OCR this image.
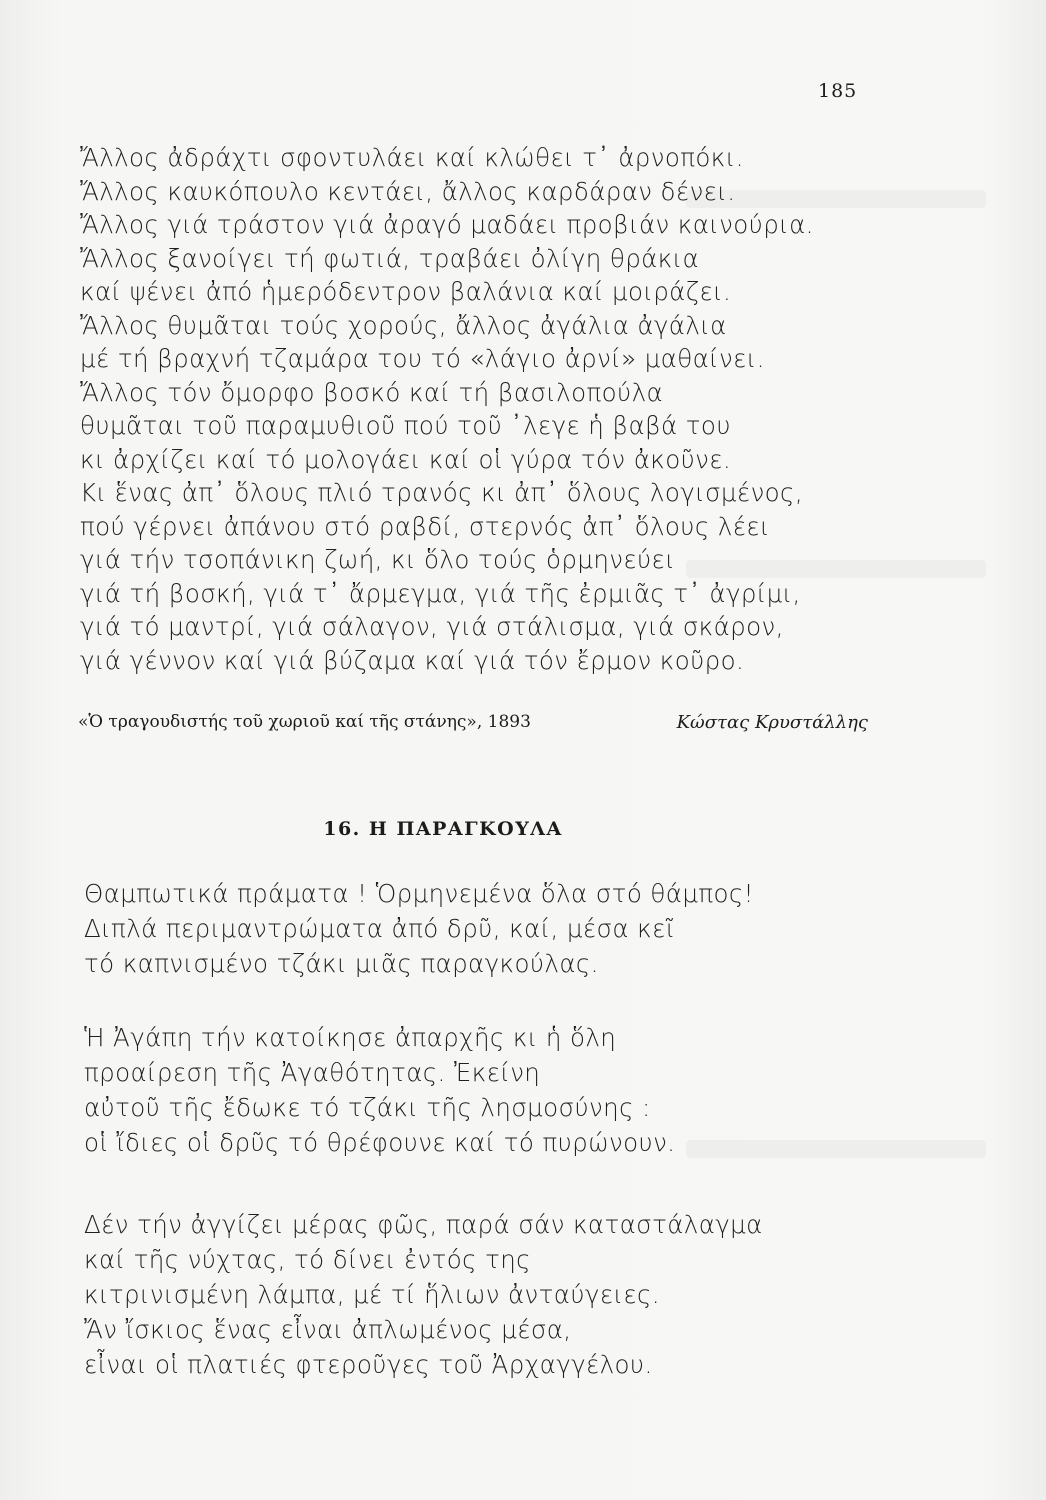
185
Ἄλλος ἀδράχτι σφοντυλάει καί κλώθει τ᾽ ἀρνοπόκι.
Ἄλλος καυκόπουλο κεντάει, ἄλλος καρδάραν δένει.
Ἄλλος γιά τράστον γιά ἀραγό μαδάει προβιάν καινούρια.
Ἄλλος ξανοίγει τή φωτιά, τραβάει ὀλίγη θράκια
καί ψένει ἀπό ἡμερόδεντρον βαλάνια καί μοιράζει.
Ἄλλος θυμᾶται τούς χορούς, ἄλλος ἀγάλια ἀγάλια
μέ τή βραχνή τζαμάρα του τό «λάγιο ἀρνί» μαθαίνει.
Ἄλλος τόν ὄμορφο βοσκό καί τή βασιλοπούλα
θυμᾶται τοῦ παραμυθιοῦ πού τοῦ ᾽λεγε ἡ βαβά του
κι ἀρχίζει καί τό μολογάει καί οἱ γύρα τόν ἀκοῦνε.
Κι ἕνας ἀπ᾽ ὅλους πλιό τρανός κι ἀπ᾽ ὅλους λογισμένος,
πού γέρνει ἀπάνου στό ραβδί, στερνός ἀπ᾽ ὅλους λέει
γιά τήν τσοπάνικη ζωή, κι ὅλο τούς ὁρμηνεύει
γιά τή βοσκή, γιά τ᾽ ἄρμεγμα, γιά τῆς ἐρμιᾶς τ᾽ ἀγρίμι,
γιά τό μαντρί, γιά σάλαγον, γιά στάλισμα, γιά σκάρον,
γιά γέννον καί γιά βύζαμα καί γιά τόν ἔρμον κοῦρο.
«Ὁ τραγουδιστής τοῦ χωριοῦ καί τῆς στάνης», 1893	Κώστας Κρυστάλλης
16. Η ΠΑΡΑΓΚΟΥΛΑ
Θαμπωτικά πράματα ! Ὁρμηνεμένα ὅλα στό θάμπος!
Διπλά περιμαντρώματα ἀπό δρῦ, καί, μέσα κεῖ
τό καπνισμένο τζάκι μιᾶς παραγκούλας.
Ἡ Ἀγάπη τήν κατοίκησε ἀπαρχῆς κι ἡ ὅλη
προαίρεση τῆς Ἀγαθότητας. Ἐκείνη
αὐτοῦ τῆς ἔδωκε τό τζάκι τῆς λησμοσύνης :
οἱ ἴδιες οἱ δρῦς τό θρέφουνε καί τό πυρώνουν.
Δέν τήν ἀγγίζει μέρας φῶς, παρά σάν καταστάλαγμα
καί τῆς νύχτας, τό δίνει ἐντός της
κιτρινισμένη λάμπα, μέ τί ἥλιων ἀνταύγειες.
Ἄν ἴσκιος ἕνας εἶναι ἀπλωμένος μέσα,
εἶναι οἱ πλατιές φτεροῦγες τοῦ Ἀρχαγγέλου.
